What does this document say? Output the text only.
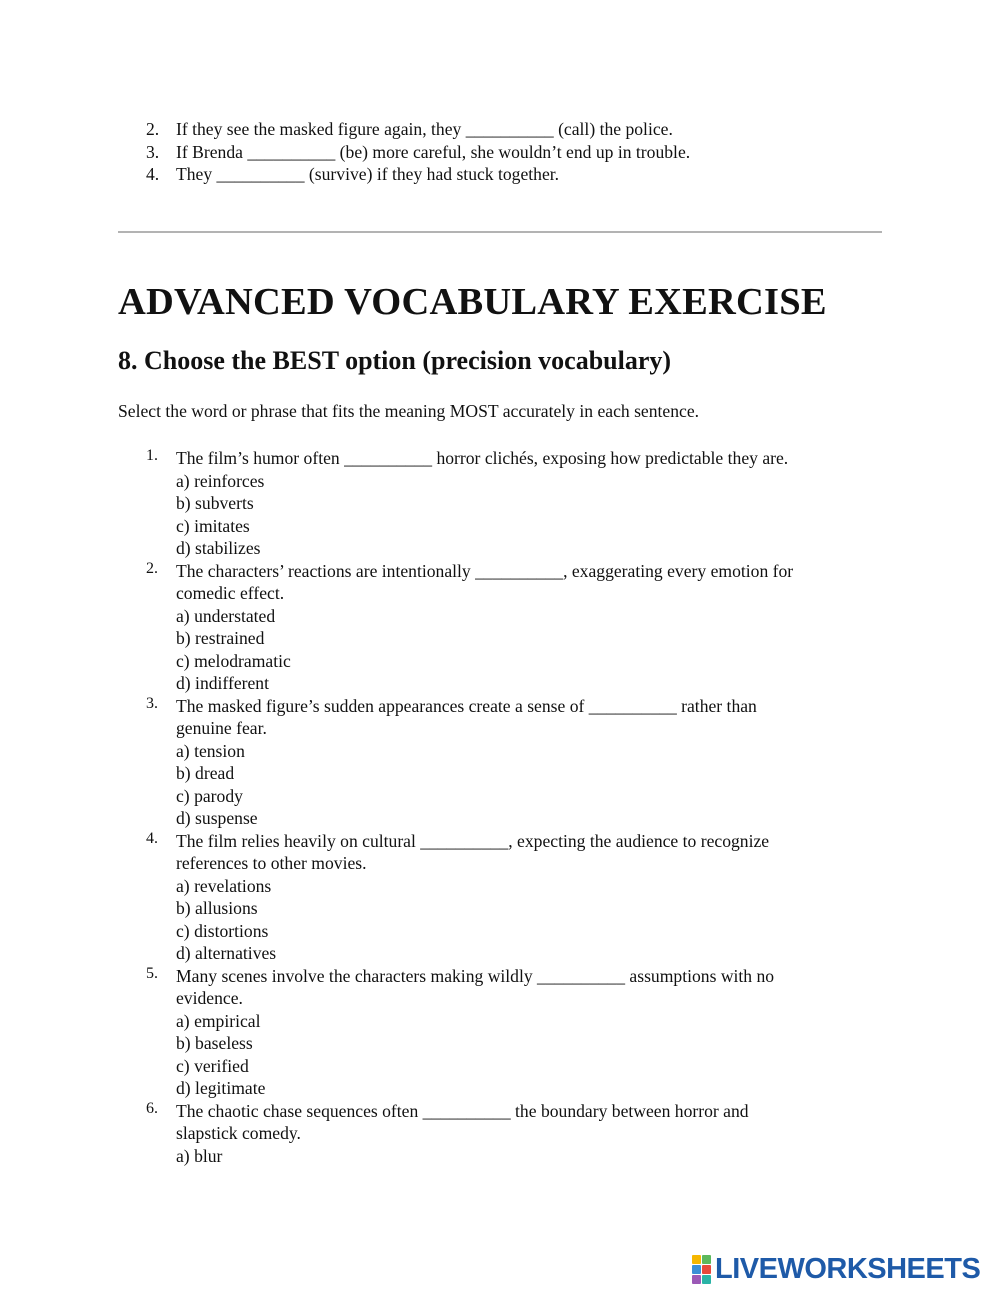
2. If they see the masked figure again, they __________ (call) the police.
3. If Brenda __________ (be) more careful, she wouldn’t end up in trouble.
4. They __________ (survive) if they had stuck together.
ADVANCED VOCABULARY EXERCISE
8. Choose the BEST option (precision vocabulary)
Select the word or phrase that fits the meaning MOST accurately in each sentence.
1.	The film’s humor often __________ horror clichés, exposing how predictable they are.
a) reinforces
b) subverts
c) imitates
d) stabilizes
2.	The characters’ reactions are intentionally __________, exaggerating every emotion for
comedic effect.
a) understated
b) restrained
c) melodramatic
d) indifferent
3.	The masked figure’s sudden appearances create a sense of __________ rather than
genuine fear.
a) tension
b) dread
c) parody
d) suspense
4.	The film relies heavily on cultural __________, expecting the audience to recognize
references to other movies.
a) revelations
b) allusions
c) distortions
d) alternatives
5.	Many scenes involve the characters making wildly __________ assumptions with no
evidence.
a) empirical
b) baseless
c) verified
d) legitimate
6.	The chaotic chase sequences often __________ the boundary between horror and
slapstick comedy.
a) blur
LIVEWORKSHEETS
